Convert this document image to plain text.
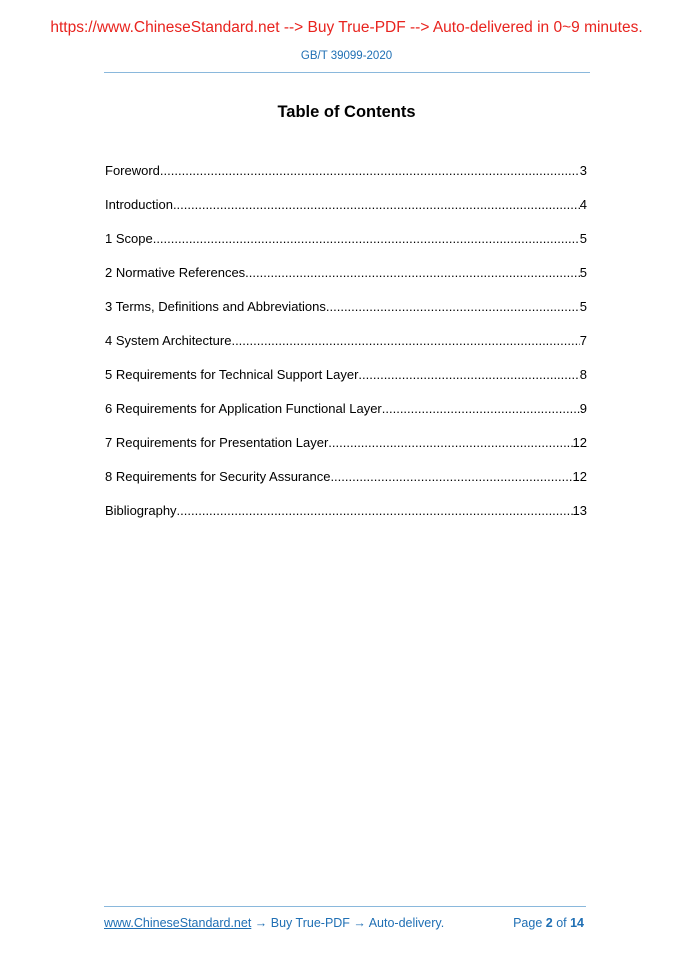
https://www.ChineseStandard.net --> Buy True-PDF --> Auto-delivered in 0~9 minutes.
GB/T 39099-2020
Table of Contents
Foreword .....	3
Introduction .....	4
1 Scope .....	5
2 Normative References .....	5
3 Terms, Definitions and Abbreviations .....	5
4 System Architecture .....	7
5 Requirements for Technical Support Layer .....	8
6 Requirements for Application Functional Layer .....	9
7 Requirements for Presentation Layer .....	12
8 Requirements for Security Assurance .....	12
Bibliography .....	13
www.ChineseStandard.net → Buy True-PDF → Auto-delivery.	Page 2 of 14
